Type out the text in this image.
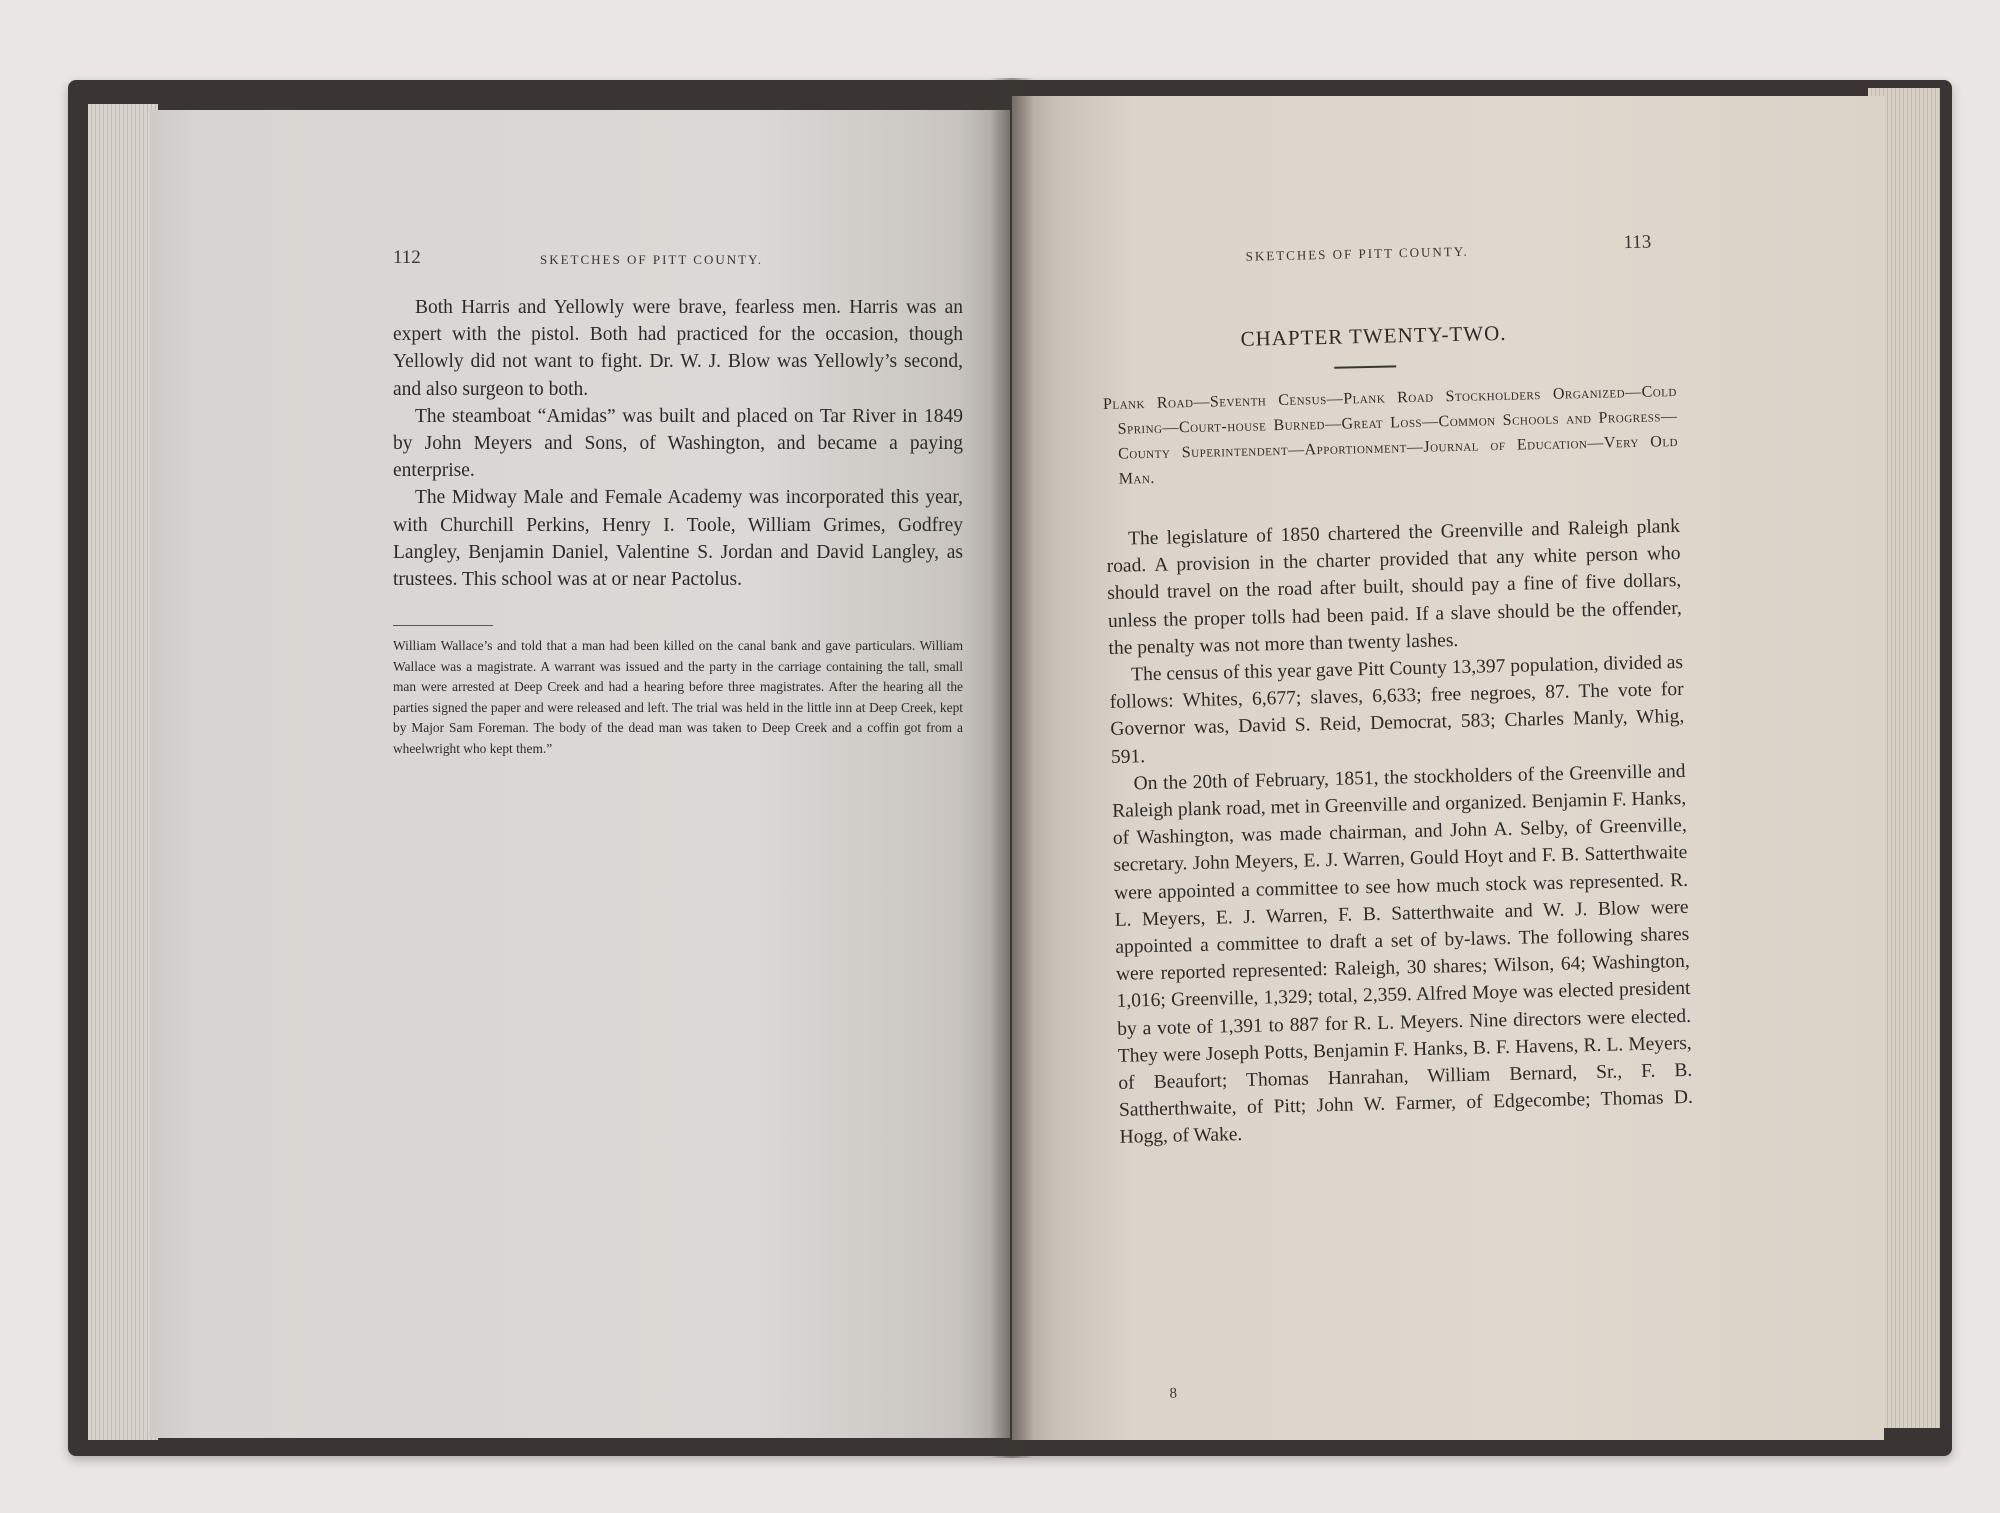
112	SKETCHES OF PITT COUNTY.

Both Harris and Yellowly were brave, fearless men. Harris was an expert with the pistol. Both had practiced for the occasion, though Yellowly did not want to fight. Dr. W. J. Blow was Yellowly’s second, and also surgeon to both.

The steamboat “Amidas” was built and placed on Tar River in 1849 by John Meyers and Sons, of Washington, and became a paying enterprise.

The Midway Male and Female Academy was incorporated this year, with Churchill Perkins, Henry I. Toole, William Grimes, Godfrey Langley, Benjamin Daniel, Valentine S. Jordan and David Langley, as trustees. This school was at or near Pactolus.

William Wallace’s and told that a man had been killed on the canal bank and gave particulars. William Wallace was a magistrate. A warrant was issued and the party in the carriage containing the tall, small man were arrested at Deep Creek and had a hearing before three magistrates. After the hearing all the parties signed the paper and were released and left. The trial was held in the little inn at Deep Creek, kept by Major Sam Foreman. The body of the dead man was taken to Deep Creek and a coffin got from a wheelwright who kept them.”
SKETCHES OF PITT COUNTY.
113
CHAPTER TWENTY-TWO.

Plank Road—Seventh Census—Plank Road Stockholders Organized—Cold Spring—Court-house Burned—Great Loss—Common Schools and Progress—County Superintendent—Apportionment—Journal of Education—Very Old Man.

The legislature of 1850 chartered the Greenville and Raleigh plank road. A provision in the charter provided that any white person who should travel on the road after built, should pay a fine of five dollars, unless the proper tolls had been paid. If a slave should be the offender, the penalty was not more than twenty lashes.

The census of this year gave Pitt County 13,397 population, divided as follows: Whites, 6,677; slaves, 6,633; free negroes, 87. The vote for Governor was, David S. Reid, Democrat, 583; Charles Manly, Whig, 591.

On the 20th of February, 1851, the stockholders of the Greenville and Raleigh plank road, met in Greenville and organized. Benjamin F. Hanks, of Washington, was made chairman, and John A. Selby, of Greenville, secretary. John Meyers, E. J. Warren, Gould Hoyt and F. B. Satterthwaite were appointed a committee to see how much stock was represented. R. L. Meyers, E. J. Warren, F. B. Satterthwaite and W. J. Blow were appointed a committee to draft a set of by-laws. The following shares were reported represented: Raleigh, 30 shares; Wilson, 64; Washington, 1,016; Greenville, 1,329; total, 2,359. Alfred Moye was elected president by a vote of 1,391 to 887 for R. L. Meyers. Nine directors were elected. They were Joseph Potts, Benjamin F. Hanks, B. F. Havens, R. L. Meyers, of Beaufort; Thomas Hanrahan, William Bernard, Sr., F. B. Sattherthwaite, of Pitt; John W. Farmer, of Edgecombe; Thomas D. Hogg, of Wake.

8
